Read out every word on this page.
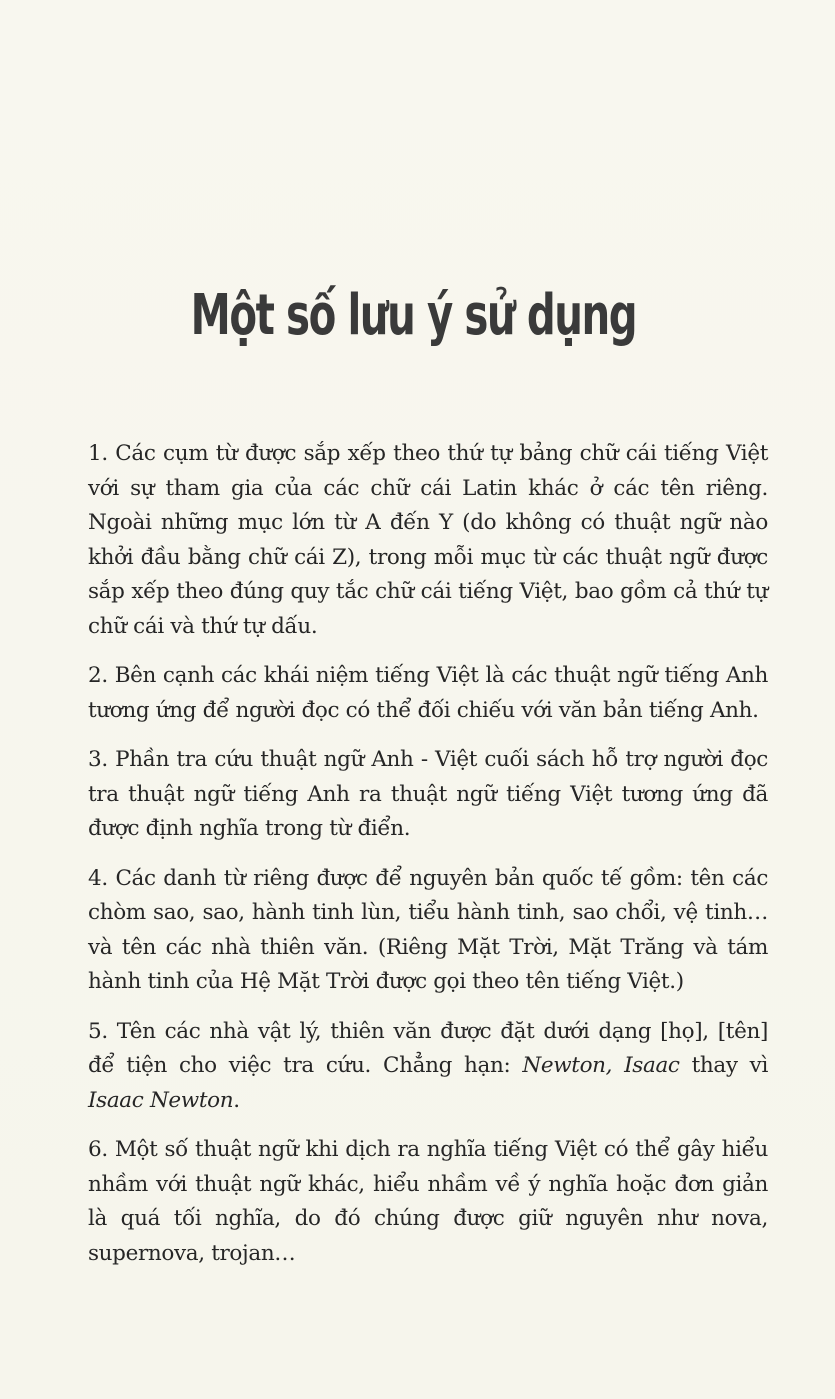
Một số lưu ý sử dụng

1. Các cụm từ được sắp xếp theo thứ tự bảng chữ cái tiếng Việt với sự tham gia của các chữ cái Latin khác ở các tên riêng. Ngoài những mục lớn từ A đến Y (do không có thuật ngữ nào khởi đầu bằng chữ cái Z), trong mỗi mục từ các thuật ngữ được sắp xếp theo đúng quy tắc chữ cái tiếng Việt, bao gồm cả thứ tự chữ cái và thứ tự dấu.

2. Bên cạnh các khái niệm tiếng Việt là các thuật ngữ tiếng Anh tương ứng để người đọc có thể đối chiếu với văn bản tiếng Anh.

3. Phần tra cứu thuật ngữ Anh - Việt cuối sách hỗ trợ người đọc tra thuật ngữ tiếng Anh ra thuật ngữ tiếng Việt tương ứng đã được định nghĩa trong từ điển.

4. Các danh từ riêng được để nguyên bản quốc tế gồm: tên các chòm sao, sao, hành tinh lùn, tiểu hành tinh, sao chổi, vệ tinh… và tên các nhà thiên văn. (Riêng Mặt Trời, Mặt Trăng và tám hành tinh của Hệ Mặt Trời được gọi theo tên tiếng Việt.)

5. Tên các nhà vật lý, thiên văn được đặt dưới dạng [họ], [tên] để tiện cho việc tra cứu. Chẳng hạn: Newton, Isaac thay vì Isaac Newton.

6. Một số thuật ngữ khi dịch ra nghĩa tiếng Việt có thể gây hiểu nhầm với thuật ngữ khác, hiểu nhầm về ý nghĩa hoặc đơn giản là quá tối nghĩa, do đó chúng được giữ nguyên như nova, supernova, trojan…
